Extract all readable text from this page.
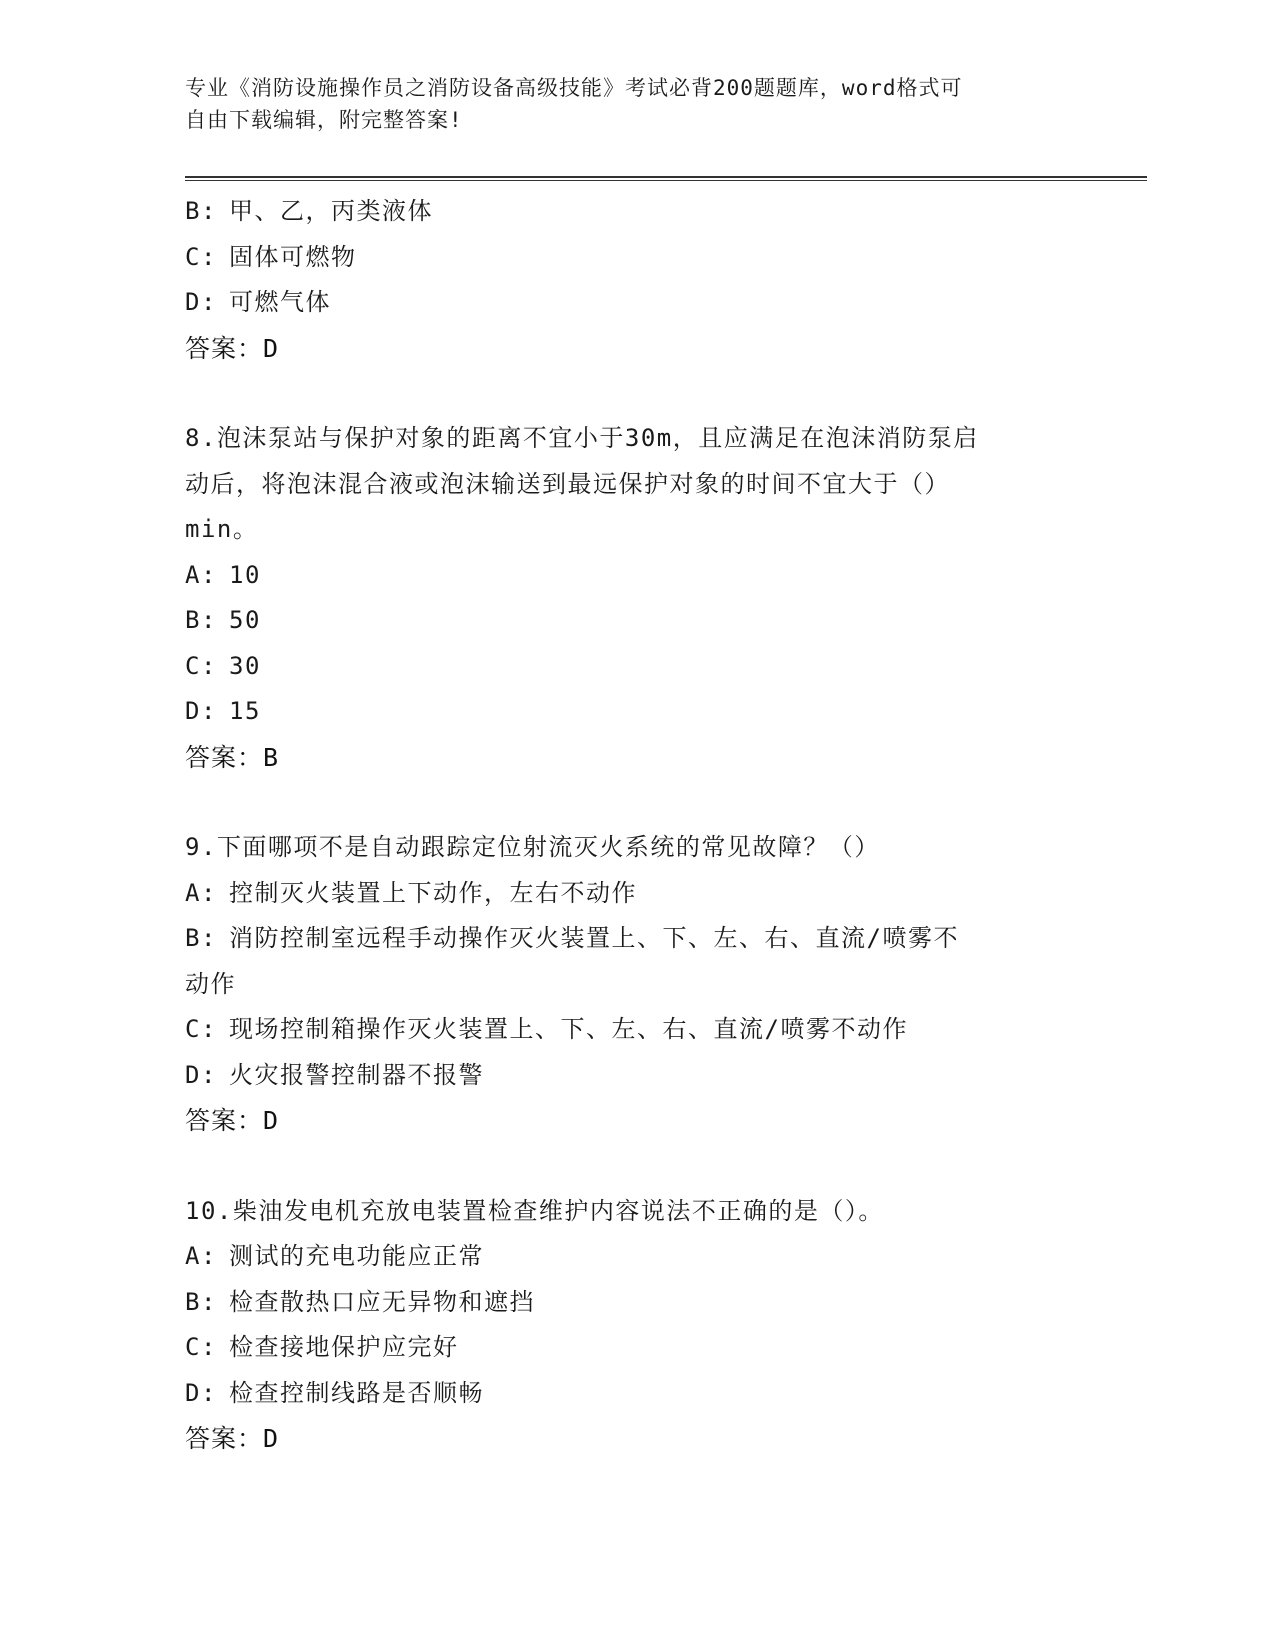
专业《消防设施操作员之消防设备高级技能》考试必背200题题库，word格式可
自由下载编辑，附完整答案!
B: 甲、乙，丙类液体
C: 固体可燃物
D: 可燃气体
答案：D
8.泡沫泵站与保护对象的距离不宜小于30m，且应满足在泡沫消防泵启
动后，将泡沫混合液或泡沫输送到最远保护对象的时间不宜大于（）
min。
A: 10
B: 50
C: 30
D: 15
答案：B
9.下面哪项不是自动跟踪定位射流灭火系统的常见故障？（）
A: 控制灭火装置上下动作，左右不动作
B: 消防控制室远程手动操作灭火装置上、下、左、右、直流/喷雾不
动作
C: 现场控制箱操作灭火装置上、下、左、右、直流/喷雾不动作
D: 火灾报警控制器不报警
答案：D
10.柴油发电机充放电装置检查维护内容说法不正确的是（）。
A: 测试的充电功能应正常
B: 检查散热口应无异物和遮挡
C: 检查接地保护应完好
D: 检查控制线路是否顺畅
答案：D
